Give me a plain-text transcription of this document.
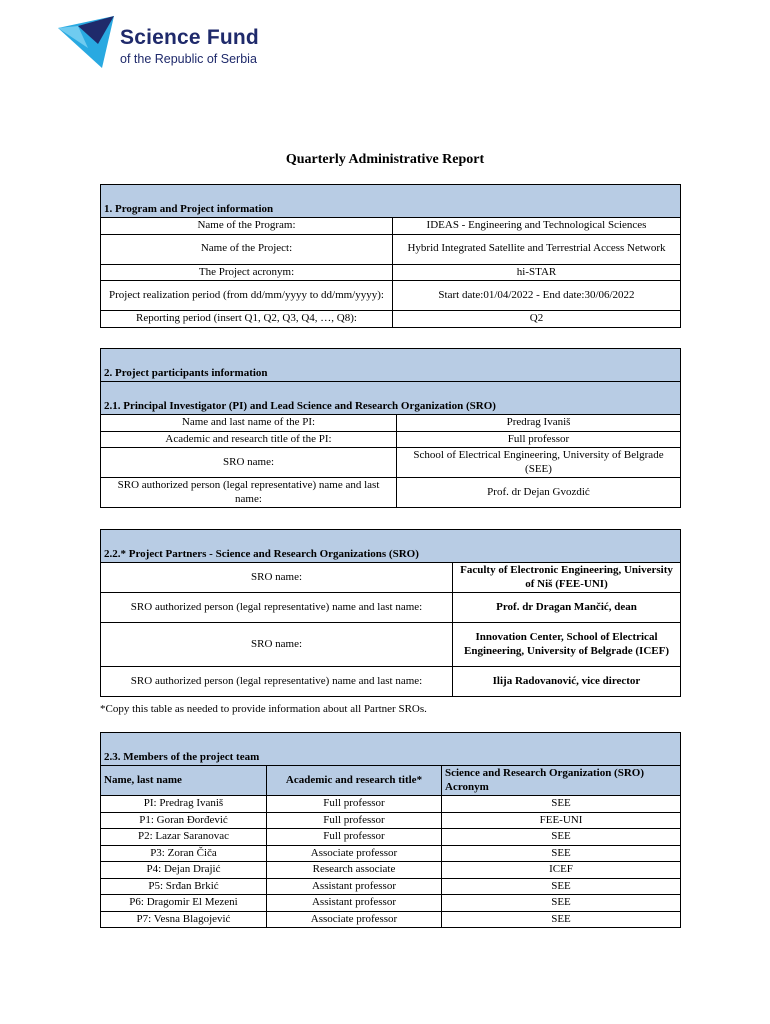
Science Fund
of the Republic of Serbia
Quarterly Administrative Report
1. Program and Project information	
Name of the Program:	IDEAS - Engineering and Technological Sciences
Name of the Project:	Hybrid Integrated Satellite and Terrestrial Access Network
The Project acronym:	hi-STAR
Project realization period (from dd/mm/yyyy to dd/mm/yyyy):	Start date:01/04/2022 - End date:30/06/2022
Reporting period (insert Q1, Q2, Q3, Q4, …, Q8):	Q2
2. Project participants information	
2.1. Principal Investigator (PI) and Lead Science and Research Organization (SRO)	
Name and last name of the PI:	Predrag Ivaniš
Academic and research title of the PI:	Full professor
SRO name:	School of Electrical Engineering, University of Belgrade (SEE)
SRO authorized person (legal representative) name and last name:	Prof. dr Dejan Gvozdić
2.2.* Project Partners - Science and Research Organizations (SRO)	
SRO name:	Faculty of Electronic Engineering, University of Niš (FEE-UNI)
SRO authorized person (legal representative) name and last name:	Prof. dr Dragan Mančić, dean
SRO name:	Innovation Center, School of Electrical Engineering, University of Belgrade (ICEF)
SRO authorized person (legal representative) name and last name:	Ilija Radovanović, vice director
*Copy this table as needed to provide information about all Partner SROs.
2.3. Members of the project team		
Name, last name	Academic and research title*	Science and Research Organization (SRO) Acronym
PI: Predrag Ivaniš	Full professor	SEE
P1: Goran Đorđević	Full professor	FEE-UNI
P2: Lazar Saranovac	Full professor	SEE
P3: Zoran Čiča	Associate professor	SEE
P4: Dejan Drajić	Research associate	ICEF
P5: Srđan Brkić	Assistant professor	SEE
P6: Dragomir El Mezeni	Assistant professor	SEE
P7: Vesna Blagojević	Associate professor	SEE
